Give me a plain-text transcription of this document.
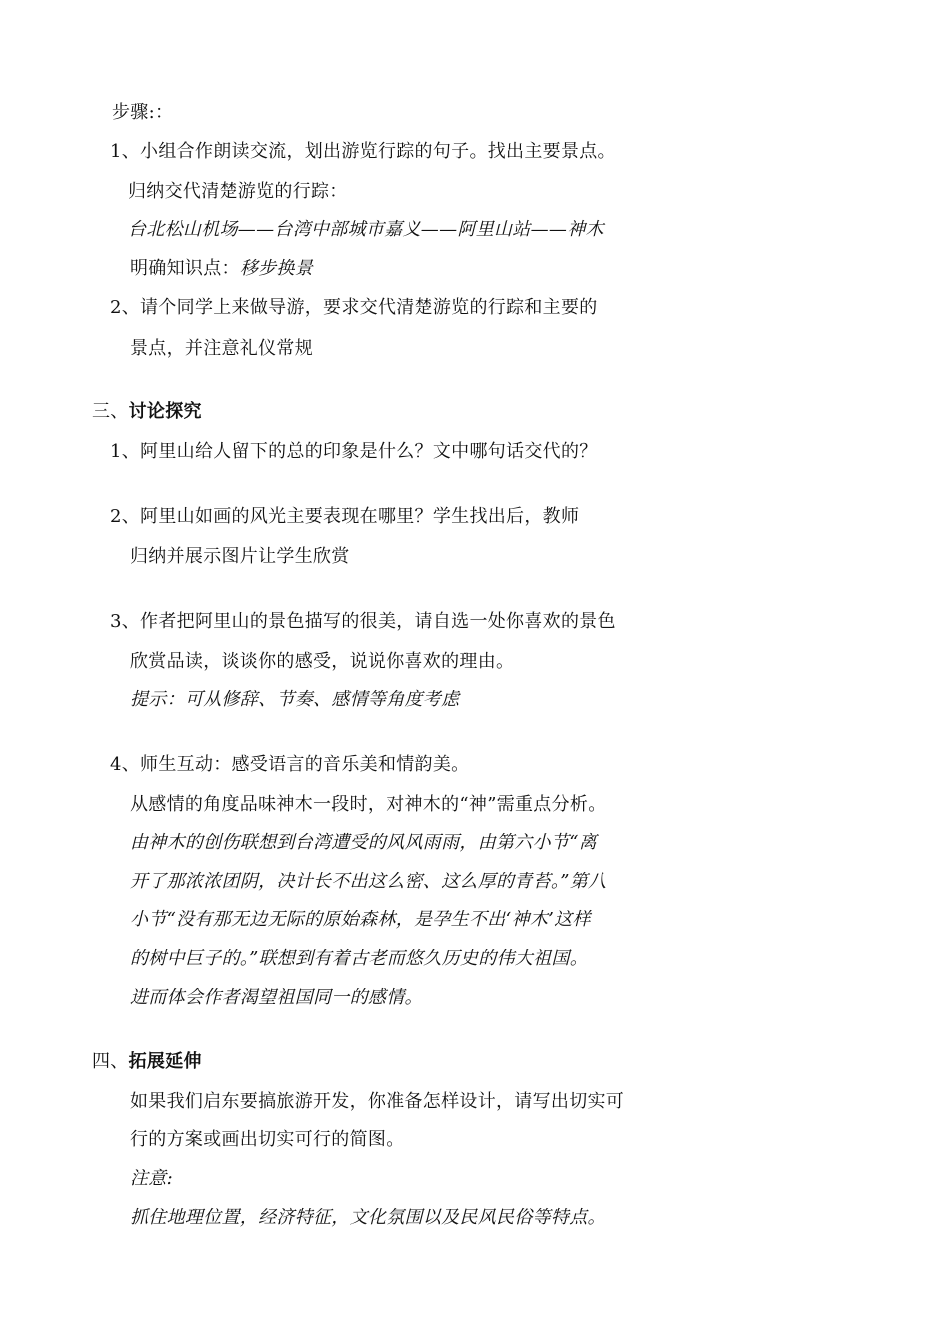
步骤:：
1、小组合作朗读交流，划出游览行踪的句子。找出主要景点。
归纳交代清楚游览的行踪：
台北松山机场——台湾中部城市嘉义——阿里山站——神木
明确知识点：移步换景
2、请个同学上来做导游，要求交代清楚游览的行踪和主要的
景点，并注意礼仪常规
三、讨论探究
1、阿里山给人留下的总的印象是什么？文中哪句话交代的？
2、阿里山如画的风光主要表现在哪里？学生找出后，教师
归纳并展示图片让学生欣赏
3、作者把阿里山的景色描写的很美，请自选一处你喜欢的景色
欣赏品读，谈谈你的感受，说说你喜欢的理由。
提示：可从修辞、节奏、感情等角度考虑
4、师生互动：感受语言的音乐美和情韵美。
从感情的角度品味神木一段时，对神木的“神”需重点分析。
由神木的创伤联想到台湾遭受的风风雨雨，由第六小节“离
开了那浓浓团阴，决计长不出这么密、这么厚的青苔。”第八
小节“没有那无边无际的原始森林，是孕生不出‘神木’这样
的树中巨子的。”联想到有着古老而悠久历史的伟大祖国。
进而体会作者渴望祖国同一的感情。
四、拓展延伸
如果我们启东要搞旅游开发，你准备怎样设计，请写出切实可
行的方案或画出切实可行的简图。
注意:
抓住地理位置，经济特征，文化氛围以及民风民俗等特点。
